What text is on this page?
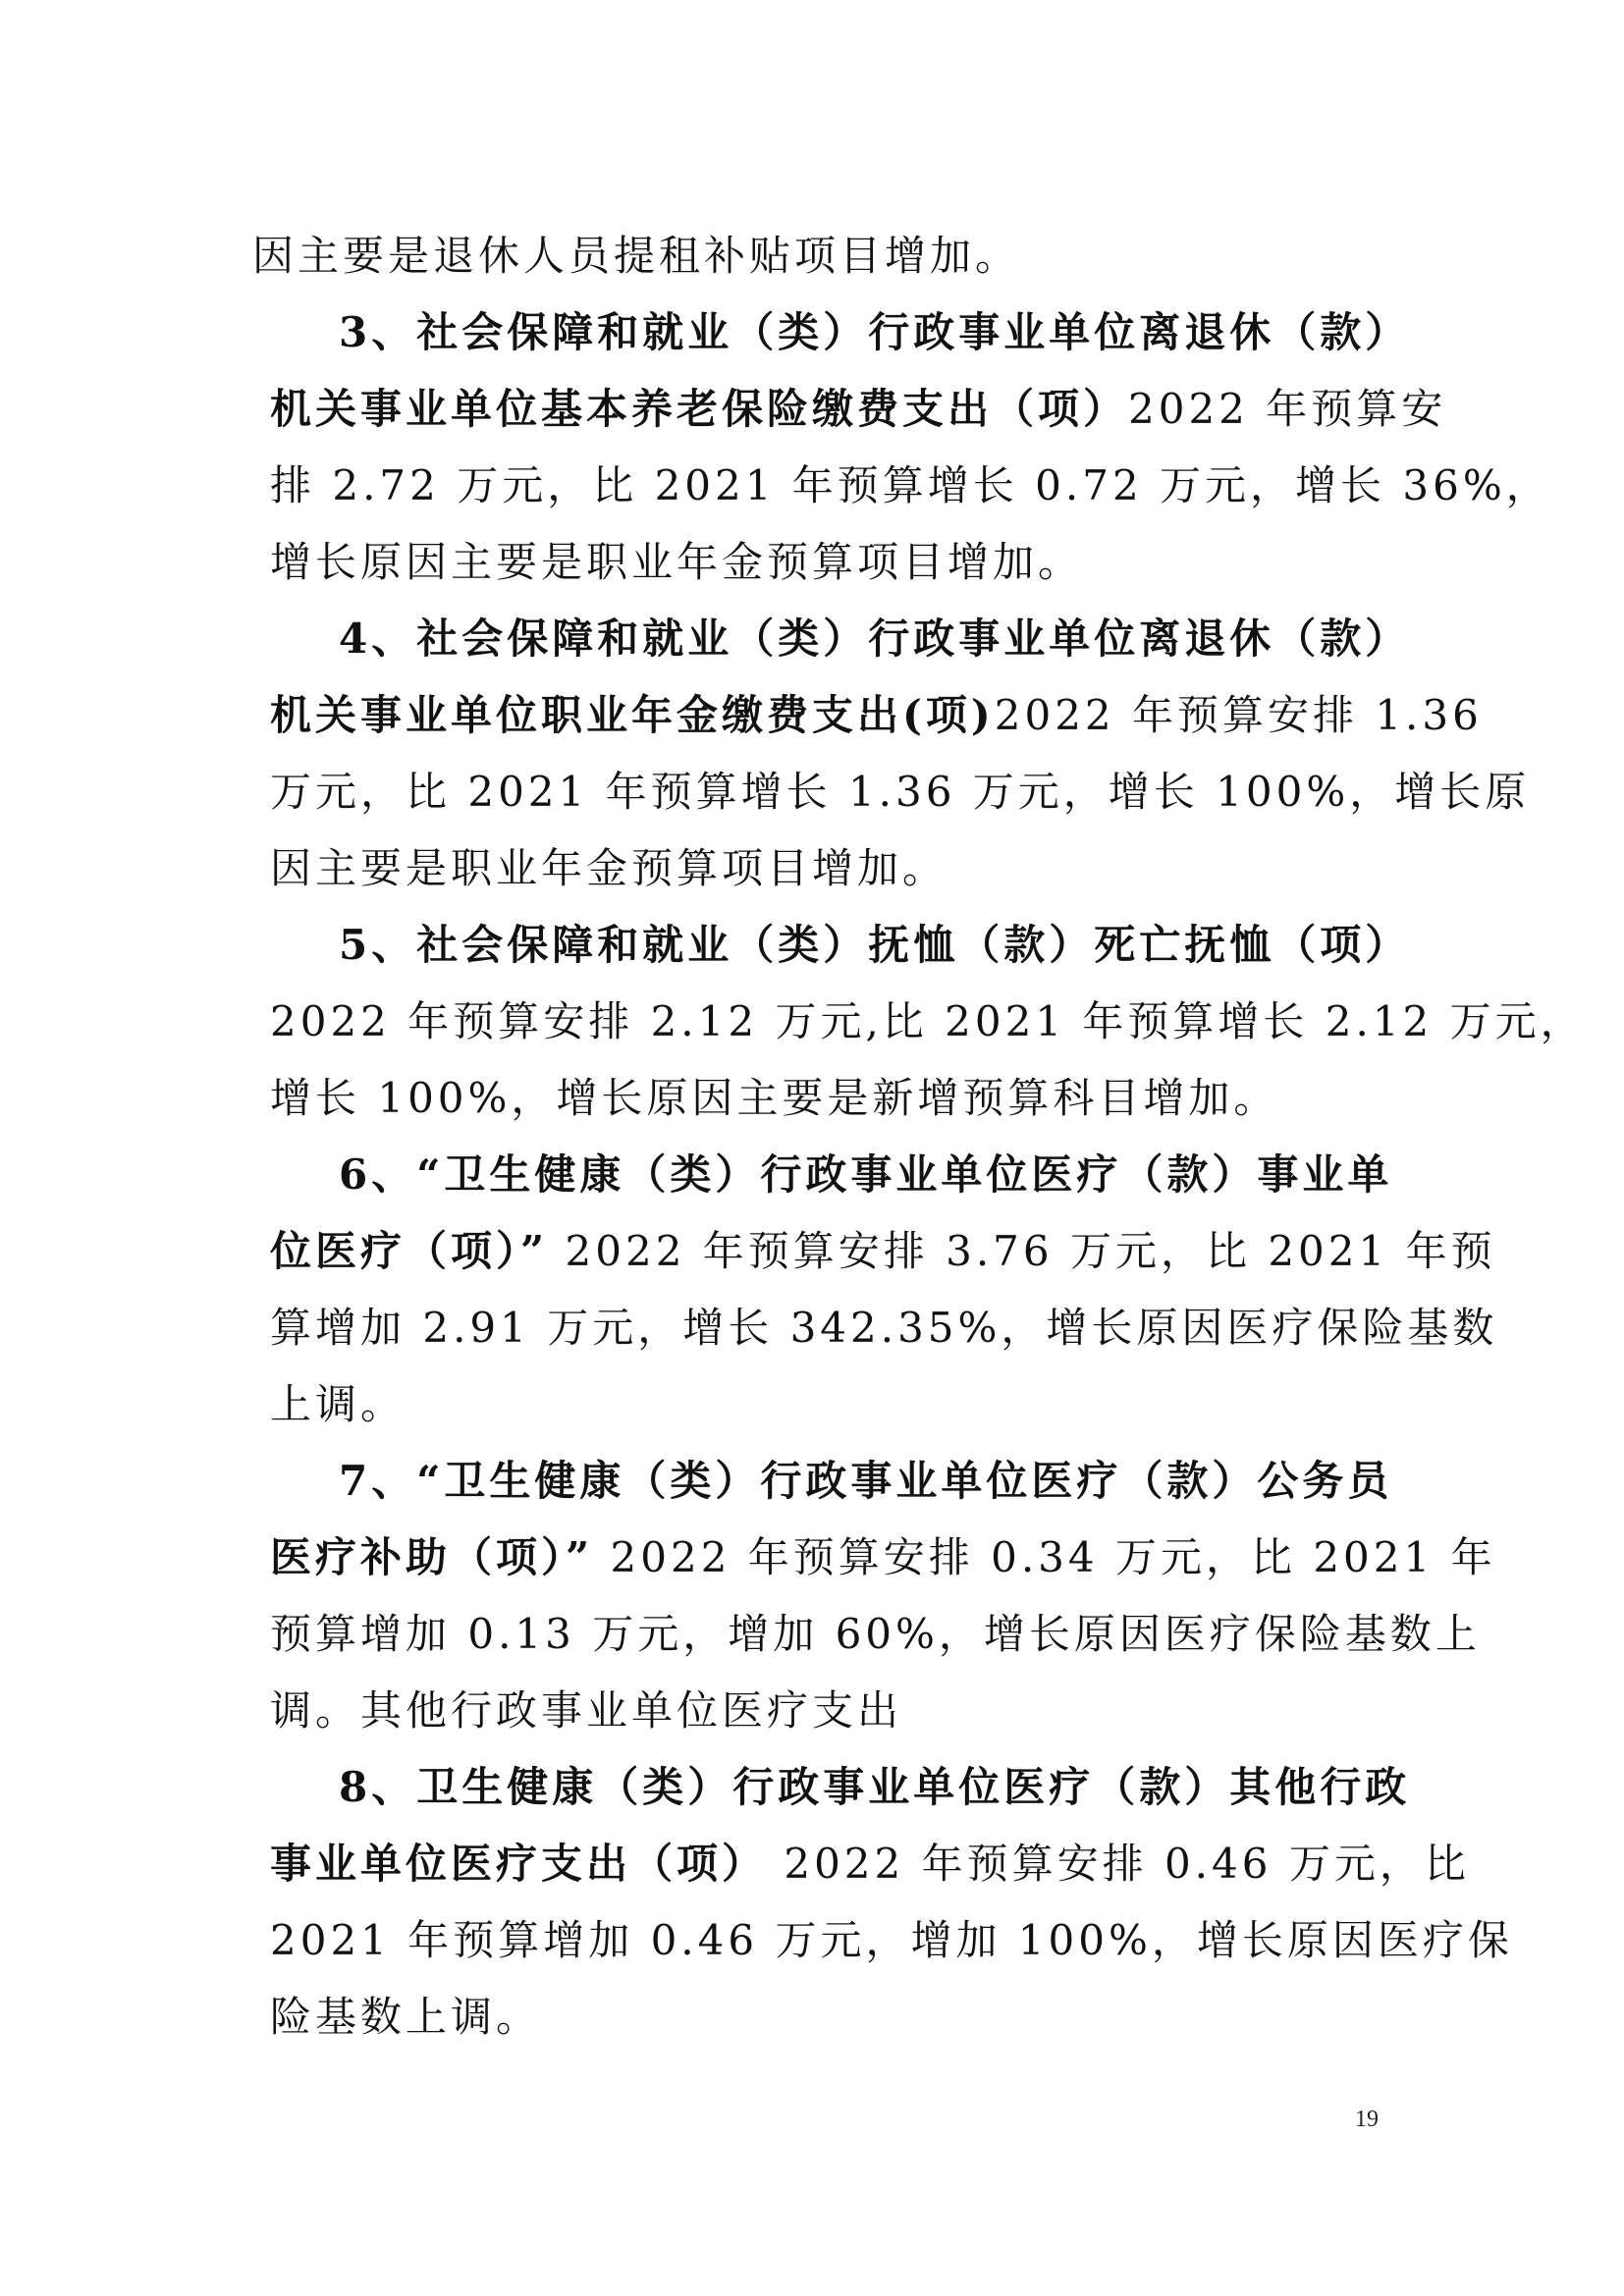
因主要是退休人员提租补贴项目增加。

3、社会保障和就业（类）行政事业单位离退休（款）

机关事业单位基本养老保险缴费支出（项）2022 年预算安

排 2.72 万元，比 2021 年预算增长 0.72 万元，增长 36%，

增长原因主要是职业年金预算项目增加。

4、社会保障和就业（类）行政事业单位离退休（款）

机关事业单位职业年金缴费支出(项)2022 年预算安排 1.36

万元，比 2021 年预算增长 1.36 万元，增长 100%，增长原

因主要是职业年金预算项目增加。

5、社会保障和就业（类）抚恤（款）死亡抚恤（项）

2022 年预算安排 2.12 万元,比 2021 年预算增长 2.12 万元，

增长 100%，增长原因主要是新增预算科目增加。

6、“卫生健康（类）行政事业单位医疗（款）事业单

位医疗（项）” 2022 年预算安排 3.76 万元，比 2021 年预

算增加 2.91 万元，增长 342.35%，增长原因医疗保险基数

上调。

7、“卫生健康（类）行政事业单位医疗（款）公务员

医疗补助（项）” 2022 年预算安排 0.34 万元，比 2021 年

预算增加 0.13 万元，增加 60%，增长原因医疗保险基数上

调。其他行政事业单位医疗支出

8、卫生健康（类）行政事业单位医疗（款）其他行政

事业单位医疗支出（项） 2022 年预算安排 0.46 万元，比

2021 年预算增加 0.46 万元，增加 100%，增长原因医疗保

险基数上调。

19
